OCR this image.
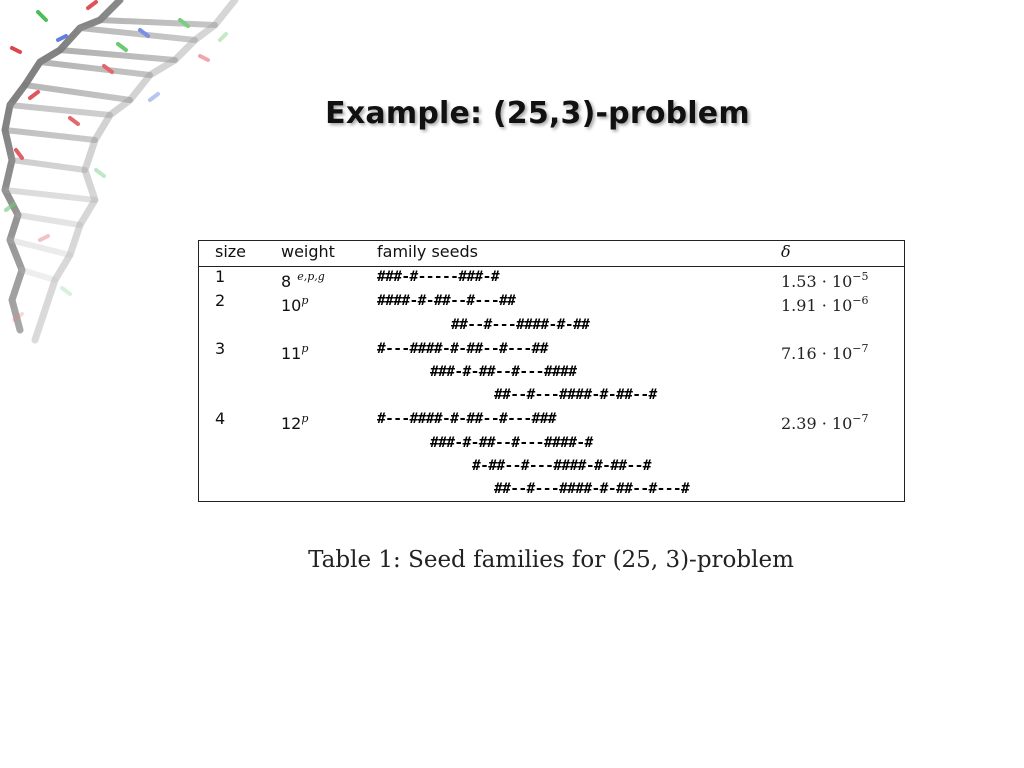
Example: (25,3)-problem
size weight	family seeds	δ
1	8 $^{e,p,g}$	###-#-----###-#	$1.53 \cdot 10^{-5}$
2	10$^p$	####-#-##--#---##	$1.91 \cdot 10^{-6}$
##--#---####-#-##
3	11$^p$	#---####-#-##--#---##	$7.16 \cdot 10^{-7}$
###-#-##--#---####
##--#---####-#-##--#
4	12$^p$	#---####-#-##--#---###	$2.39 \cdot 10^{-7}$
###-#-##--#---####-#
#-##--#---####-#-##--#
##--#---####-#-##--#---#
Table 1: Seed families for (25, 3)-problem
